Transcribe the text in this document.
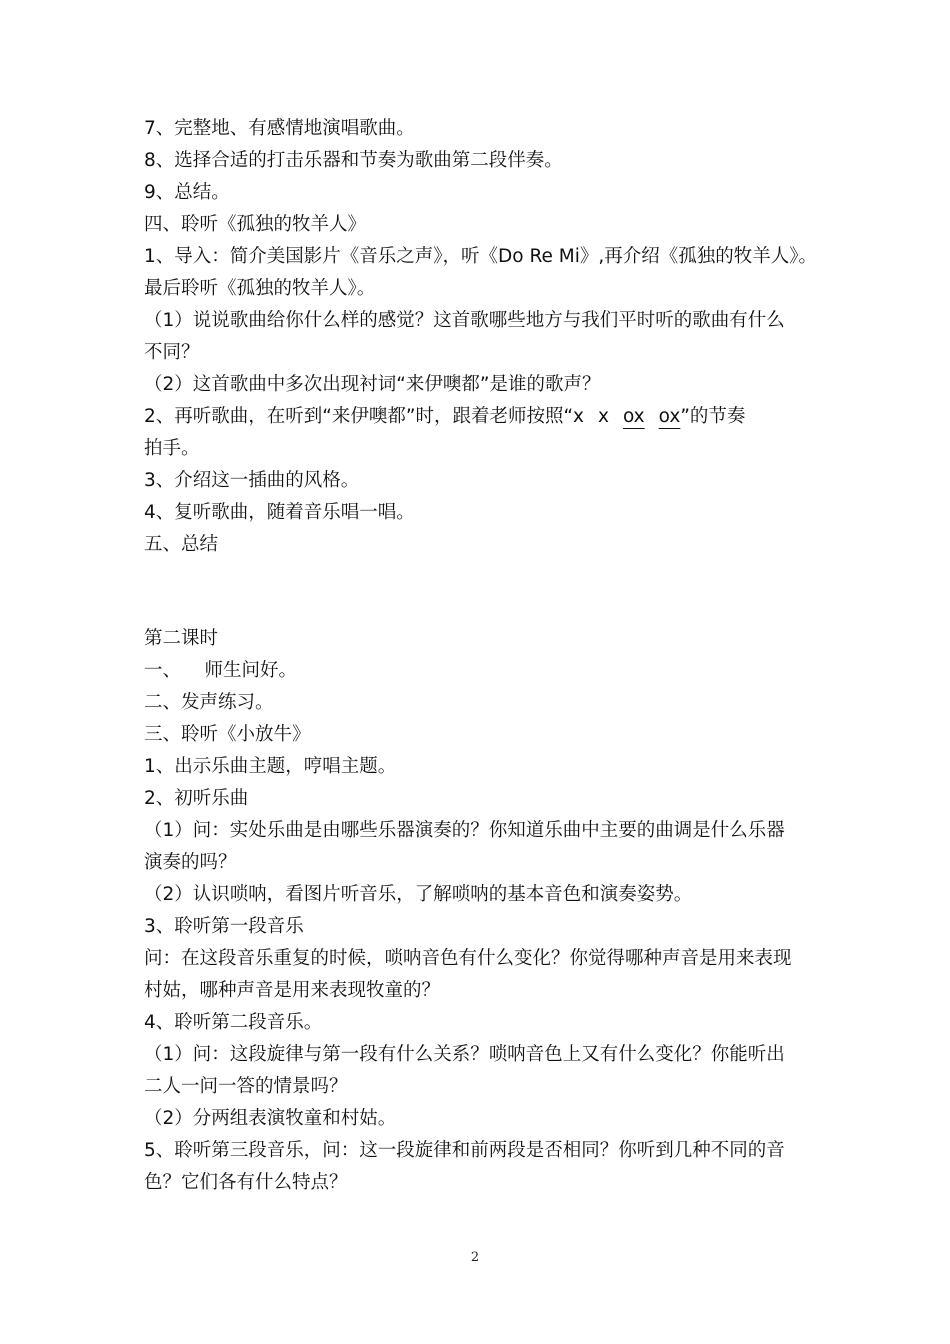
7、完整地、有感情地演唱歌曲。
8、选择合适的打击乐器和节奏为歌曲第二段伴奏。
9、总结。
四、聆听《孤独的牧羊人》
1、导入：简介美国影片《音乐之声》，听《Do Re Mi》,再介绍《孤独的牧羊人》。
最后聆听《孤独的牧羊人》。
（1）说说歌曲给你什么样的感觉？这首歌哪些地方与我们平时听的歌曲有什么
不同？
（2）这首歌曲中多次出现衬词“来伊噢都”是谁的歌声？
2、再听歌曲，在听到“来伊噢都”时，跟着老师按照“x x ox ox”的节奏
拍手。
3、介绍这一插曲的风格。
4、复听歌曲，随着音乐唱一唱。
五、总结
第二课时
一、    师生问好。
二、发声练习。
三、聆听《小放牛》
1、出示乐曲主题，哼唱主题。
2、初听乐曲
（1）问：实处乐曲是由哪些乐器演奏的？你知道乐曲中主要的曲调是什么乐器
演奏的吗？
（2）认识唢呐，看图片听音乐，了解唢呐的基本音色和演奏姿势。
3、聆听第一段音乐
问：在这段音乐重复的时候，唢呐音色有什么变化？你觉得哪种声音是用来表现
村姑，哪种声音是用来表现牧童的？
4、聆听第二段音乐。
（1）问：这段旋律与第一段有什么关系？唢呐音色上又有什么变化？你能听出
二人一问一答的情景吗？
（2）分两组表演牧童和村姑。
5、聆听第三段音乐，问：这一段旋律和前两段是否相同？你听到几种不同的音
色？它们各有什么特点？
2
